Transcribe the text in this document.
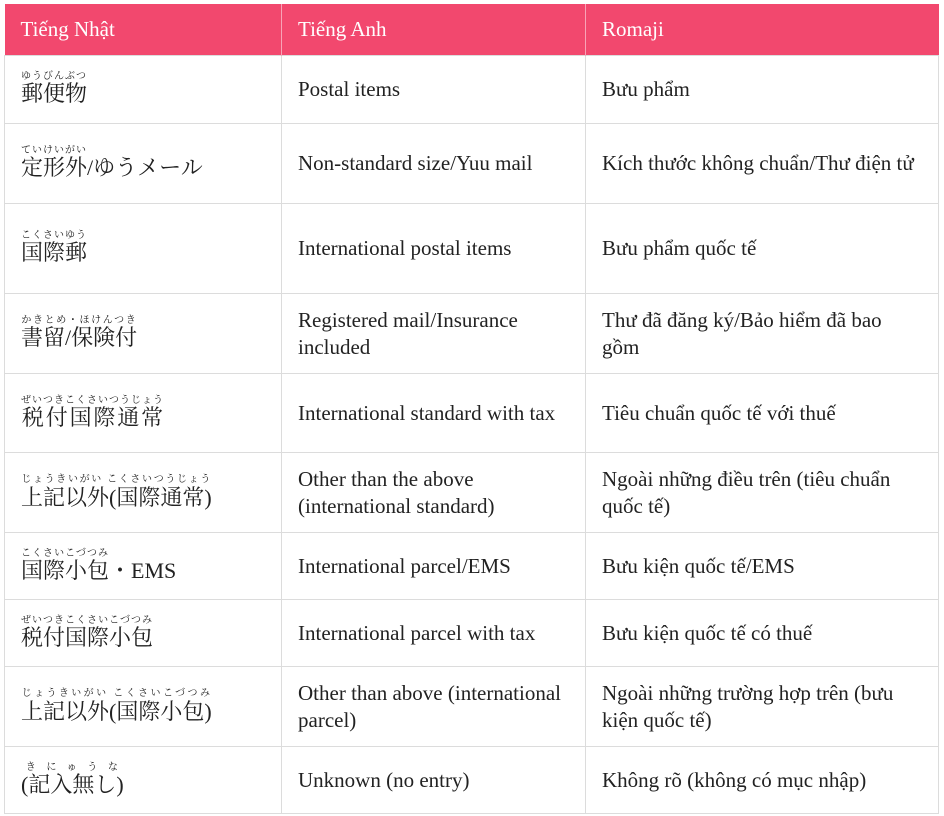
Tiếng Nhật	Tiếng Anh	Romaji
郵便物ゆうびんぶつ	Postal items	Bưu phẩm
定形外ていけいがい/ゆうメール	Non-standard size/Yuu mail	Kích thước không chuẩn/Thư điện tử
国際郵こくさいゆう	International postal items	Bưu phẩm quốc tế
書留/保険付かきとめ・ほけんつき	Registered mail/Insurance included	Thư đã đăng ký/Bảo hiểm đã bao gồm
税付国際通常ぜいつきこくさいつうじょう	International standard with tax	Tiêu chuẩn quốc tế với thuế
上記以外(国際通常)じょうきいがい こくさいつうじょう	Other than the above (international standard)	Ngoài những điều trên (tiêu chuẩn quốc tế)
国際小包こくさいこづつみ・EMS	International parcel/EMS	Bưu kiện quốc tế/EMS
税付国際小包ぜいつきこくさいこづつみ	International parcel with tax	Bưu kiện quốc tế có thuế
上記以外(国際小包)じょうきいがい こくさいこづつみ	Other than above (international parcel)	Ngoài những trường hợp trên (bưu kiện quốc tế)
(記入無し)きにゅうな	Unknown (no entry)	Không rõ (không có mục nhập)
